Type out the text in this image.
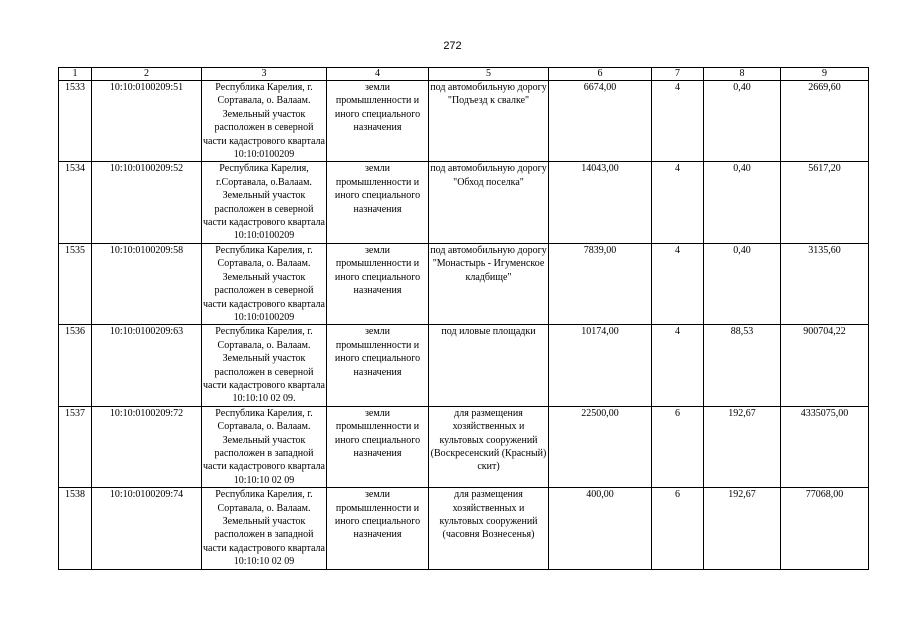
272
1	2	3	4	5	6	7	8	9
1533	10:10:0100209:51	Республика Карелия, г. Сортавала, о. Валаам. Земельный участок расположен в северной части кадастрового квартала 10:10:0100209	земли промышленности и иного специального назначения	под автомобильную дорогу "Подъезд к свалке"	6674,00	4	0,40	2669,60
1534	10:10:0100209:52	Республика Карелия, г.Сортавала, о.Валаам. Земельный участок расположен в северной части кадастрового квартала 10:10:0100209	земли промышленности и иного специального назначения	под автомобильную дорогу "Обход поселка"	14043,00	4	0,40	5617,20
1535	10:10:0100209:58	Республика Карелия, г. Сортавала, о. Валаам. Земельный участок расположен в северной части кадастрового квартала 10:10:0100209	земли промышленности и иного специального назначения	под автомобильную дорогу "Монастырь - Игуменское кладбище"	7839,00	4	0,40	3135,60
1536	10:10:0100209:63	Республика Карелия, г. Сортавала, о. Валаам. Земельный участок расположен в северной части кадастрового квартала 10:10:10 02 09.	земли промышленности и иного специального назначения	под иловые площадки	10174,00	4	88,53	900704,22
1537	10:10:0100209:72	Республика Карелия, г. Сортавала, о. Валаам. Земельный участок расположен в западной части кадастрового квартала 10:10:10 02 09	земли промышленности и иного специального назначения	для размещения хозяйственных и культовых сооружений (Воскресенский (Красный) скит)	22500,00	6	192,67	4335075,00
1538	10:10:0100209:74	Республика Карелия, г. Сортавала, о. Валаам. Земельный участок расположен в западной части кадастрового квартала 10:10:10 02 09	земли промышленности и иного специального назначения	для размещения хозяйственных и культовых сооружений (часовня Вознесенья)	400,00	6	192,67	77068,00
